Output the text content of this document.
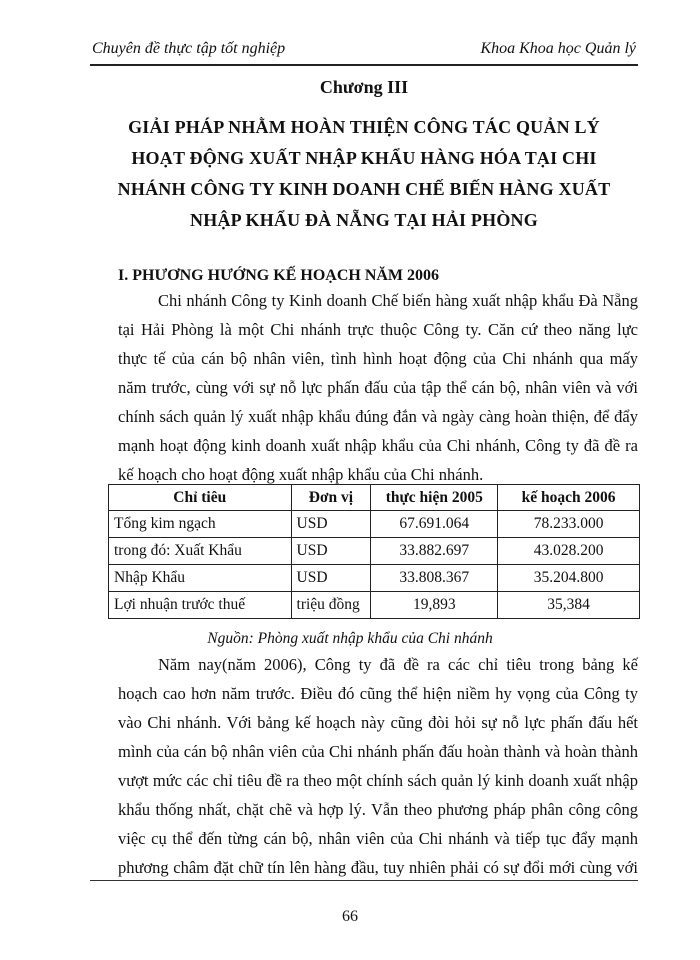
Chuyên đề thực tập tốt nghiệp	Khoa Khoa học Quản lý
Chương III
GIẢI PHÁP NHẰM HOÀN THIỆN CÔNG TÁC QUẢN LÝ
HOẠT ĐỘNG XUẤT NHẬP KHẨU HÀNG HÓA TẠI CHI
NHÁNH CÔNG TY KINH DOANH CHẾ BIẾN HÀNG XUẤT
NHẬP KHẨU ĐÀ NẴNG TẠI HẢI PHÒNG
I. PHƯƠNG HƯỚNG KẾ HOẠCH NĂM 2006
Chi nhánh Công ty Kinh doanh Chế biến hàng xuất nhập khẩu Đà Nẵng
tại Hải Phòng là một Chi nhánh trực thuộc Công ty. Căn cứ theo năng lực
thực tế của cán bộ nhân viên, tình hình hoạt động của Chi nhánh qua mấy
năm trước, cùng với sự nỗ lực phấn đấu của tập thể cán bộ, nhân viên và với
chính sách quản lý xuất nhập khẩu đúng đắn và ngày càng hoàn thiện, để đẩy
mạnh hoạt động kinh doanh xuất nhập khẩu của Chi nhánh, Công ty đã đề ra
kế hoạch cho hoạt động xuất nhập khẩu của Chi nhánh.
Chỉ tiêu	Đơn vị	thực hiện 2005	kế hoạch 2006
Tổng kim ngạch	USD	67.691.064	78.233.000
trong đó: Xuất Khẩu	USD	33.882.697	43.028.200
Nhập Khẩu	USD	33.808.367	35.204.800
Lợi nhuận trước thuế	triệu đồng	19,893	35,384
Nguồn: Phòng xuất nhập khẩu của Chi nhánh
Năm nay(năm 2006), Công ty đã đề ra các chỉ tiêu trong bảng kế
hoạch cao hơn năm trước. Điều đó cũng thể hiện niềm hy vọng của Công ty
vào Chi nhánh. Với bảng kế hoạch này cũng đòi hỏi sự nỗ lực phấn đấu hết
mình của cán bộ nhân viên của Chi nhánh phấn đấu hoàn thành và hoàn thành
vượt mức các chỉ tiêu đề ra theo một chính sách quản lý kinh doanh xuất nhập
khẩu thống nhất, chặt chẽ và hợp lý. Vẫn theo phương pháp phân công công
việc cụ thể đến từng cán bộ, nhân viên của Chi nhánh và tiếp tục đẩy mạnh
phương châm đặt chữ tín lên hàng đầu, tuy nhiên phải có sự đổi mới cùng với
66
